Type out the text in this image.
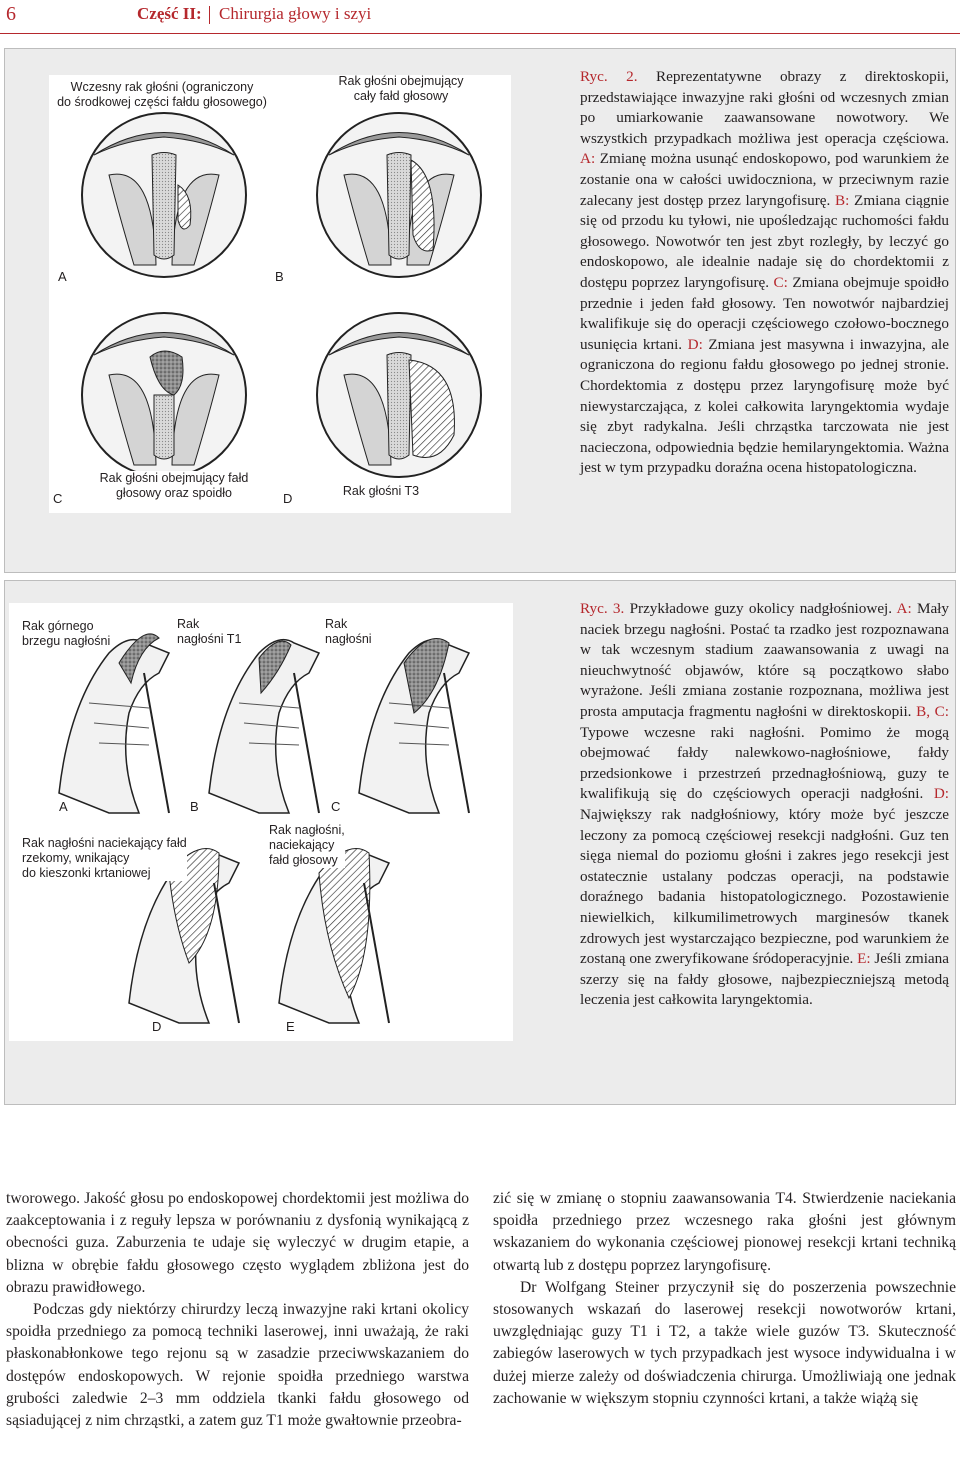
6	Część II: Chirurgia głowy i szyi
Wczesny rak głośni (ograniczony
do środkowej części fałdu głosowego)
Rak głośni obejmujący
cały fałd głosowy
Rak głośni obejmujący fałd
głosowy oraz spoidło	Rak głośni T3
A	B
C	D
Ryc. 2. Reprezentatywne obrazy z direktoskopii, przedstawiające inwazyjne raki głośni od wczesnych zmian po umiarkowanie zaawansowane nowotwory. We wszystkich przypadkach możliwa jest operacja częściowa. A: Zmianę można usunąć endoskopowo, pod warunkiem że zostanie ona w całości uwidoczniona, w przeciwnym razie zalecany jest dostęp przez laryngofisurę. B: Zmiana ciągnie się od przodu ku tyłowi, nie upośledzając ruchomości fałdu głosowego. Nowotwór ten jest zbyt rozległy, by leczyć go endoskopowo, ale idealnie nadaje się do chordektomii z dostępu poprzez laryngofisurę. C: Zmiana obejmuje spoidło przednie i jeden fałd głosowy. Ten nowotwór najbardziej kwalifikuje się do operacji częściowego czołowo-bocznego usunięcia krtani. D: Zmiana jest masywna i inwazyjna, ale ograniczona do regionu fałdu głosowego po jednej stronie. Chordektomia z dostępu przez laryngofisurę może być niewystarczająca, z kolei całkowita laryngektomia wydaje się zbyt radykalna. Jeśli chrząstka tarczowata nie jest nacieczona, odpowiednia będzie hemilaryngektomia. Ważna jest w tym przypadku doraźna ocena histopatologiczna.
Rak górnego
brzegu nagłośni
Rak
nagłośni T1
Rak
nagłośni
Rak nagłośni naciekający fałd
rzekomy, wnikający
do kieszonki krtaniowej
Rak nagłośni,
naciekający
fałd głosowy
A	B	C
D	E
Ryc. 3. Przykładowe guzy okolicy nadgłośniowej. A: Mały naciek brzegu nagłośni. Postać ta rzadko jest rozpoznawana w tak wczesnym stadium zaawansowania z uwagi na nieuchwytność objawów, które są początkowo słabo wyrażone. Jeśli zmiana zostanie rozpoznana, możliwa jest prosta amputacja fragmentu nagłośni w direktoskopii. B, C: Typowe wczesne raki nagłośni. Pomimo że mogą obejmować fałdy nalewkowo-nagłośniowe, fałdy przedsionkowe i przestrzeń przednagłośniową, guzy te kwalifikują się do częściowych operacji nadgłośni. D: Największy rak nadgłośniowy, który może być jeszcze leczony za pomocą częściowej resekcji nadgłośni. Guz ten sięga niemal do poziomu głośni i zakres jego resekcji jest ostatecznie ustalany podczas operacji, na podstawie doraźnego badania histopatologicznego. Pozostawienie niewielkich, kilkumilimetrowych marginesów tkanek zdrowych jest wystarczająco bezpieczne, pod warunkiem że zostaną one zweryfikowane śródoperacyjnie. E: Jeśli zmiana szerzy się na fałdy głosowe, najbezpieczniejszą metodą leczenia jest całkowita laryngektomia.

tworowego. Jakość głosu po endoskopowej chordektomii jest możliwa do zaakceptowania i z reguły lepsza w porównaniu z dysfonią wynikającą z obecności guza. Zaburzenia te udaje się wyleczyć w drugim etapie, a blizna w obrębie fałdu głosowego często wyglądem zbliżona jest do obrazu prawidłowego.

Podczas gdy niektórzy chirurdzy leczą inwazyjne raki krtani okolicy spoidła przedniego za pomocą techniki laserowej, inni uważają, że raki płaskonabłonkowe tego rejonu są w zasadzie przeciwwskazaniem do dostępów endoskopowych. W rejonie spoidła przedniego warstwa grubości zaledwie 2–3 mm oddziela tkanki fałdu głosowego od sąsiadującej z nim chrząstki, a zatem guz T1 może gwałtownie przeobra-

zić się w zmianę o stopniu zaawansowania T4. Stwierdzenie naciekania spoidła przedniego przez wczesnego raka głośni jest głównym wskazaniem do wykonania częściowej pionowej resekcji krtani techniką otwartą lub z dostępu poprzez laryngofisurę.

Dr Wolfgang Steiner przyczynił się do poszerzenia powszechnie stosowanych wskazań do laserowej resekcji nowotworów krtani, uwzględniając guzy T1 i T2, a także wiele guzów T3. Skuteczność zabiegów laserowych w tych przypadkach jest wysoce indywidualna i w dużej mierze zależy od doświadczenia chirurga. Umożliwiają one jednak zachowanie w większym stopniu czynności krtani, a także wiążą się
